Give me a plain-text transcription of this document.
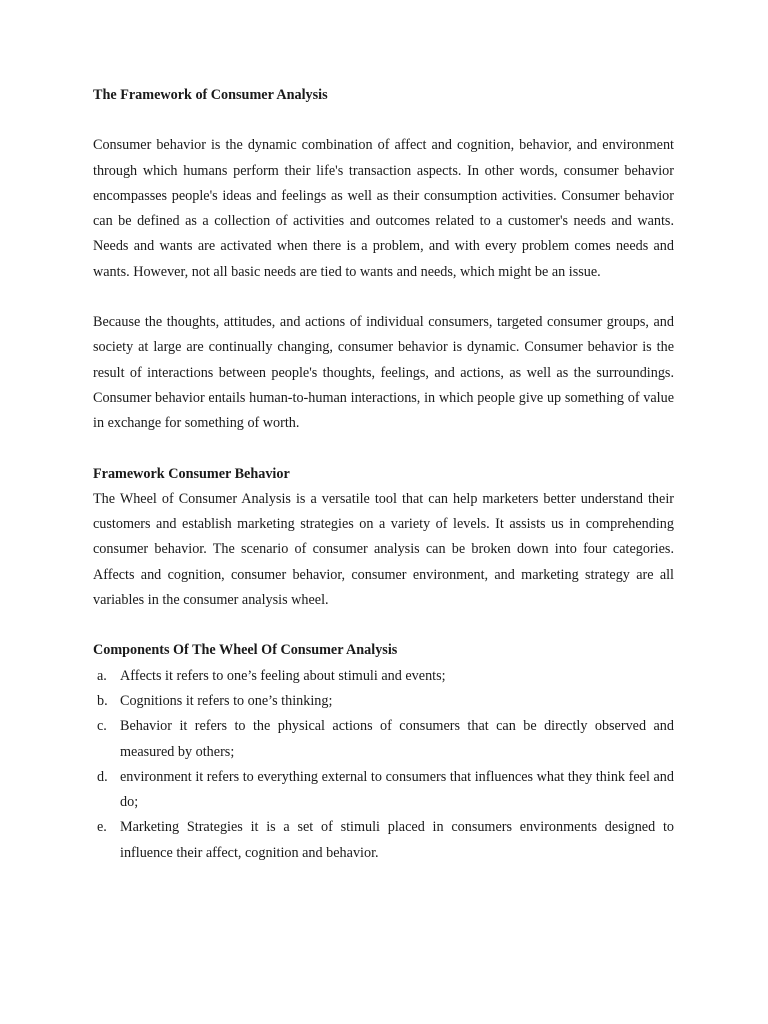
The Framework of Consumer Analysis

Consumer behavior is the dynamic combination of affect and cognition, behavior, and environment through which humans perform their life's transaction aspects. In other words, consumer behavior encompasses people's ideas and feelings as well as their consumption activities. Consumer behavior can be defined as a collection of activities and outcomes related to a customer's needs and wants. Needs and wants are activated when there is a problem, and with every problem comes needs and wants. However, not all basic needs are tied to wants and needs, which might be an issue.

Because the thoughts, attitudes, and actions of individual consumers, targeted consumer groups, and society at large are continually changing, consumer behavior is dynamic. Consumer behavior is the result of interactions between people's thoughts, feelings, and actions, as well as the surroundings. Consumer behavior entails human-to-human interactions, in which people give up something of value in exchange for something of worth.

Framework Consumer Behavior

The Wheel of Consumer Analysis is a versatile tool that can help marketers better understand their customers and establish marketing strategies on a variety of levels. It assists us in comprehending consumer behavior. The scenario of consumer analysis can be broken down into four categories. Affects and cognition, consumer behavior, consumer environment, and marketing strategy are all variables in the consumer analysis wheel.

Components Of The Wheel Of Consumer Analysis

a. Affects it refers to one’s feeling about stimuli and events;
b. Cognitions it refers to one’s thinking;
c. Behavior it refers to the physical actions of consumers that can be directly observed and measured by others;
d. environment it refers to everything external to consumers that influences what they think feel and do;
e. Marketing Strategies it is a set of stimuli placed in consumers environments designed to influence their affect, cognition and behavior.
